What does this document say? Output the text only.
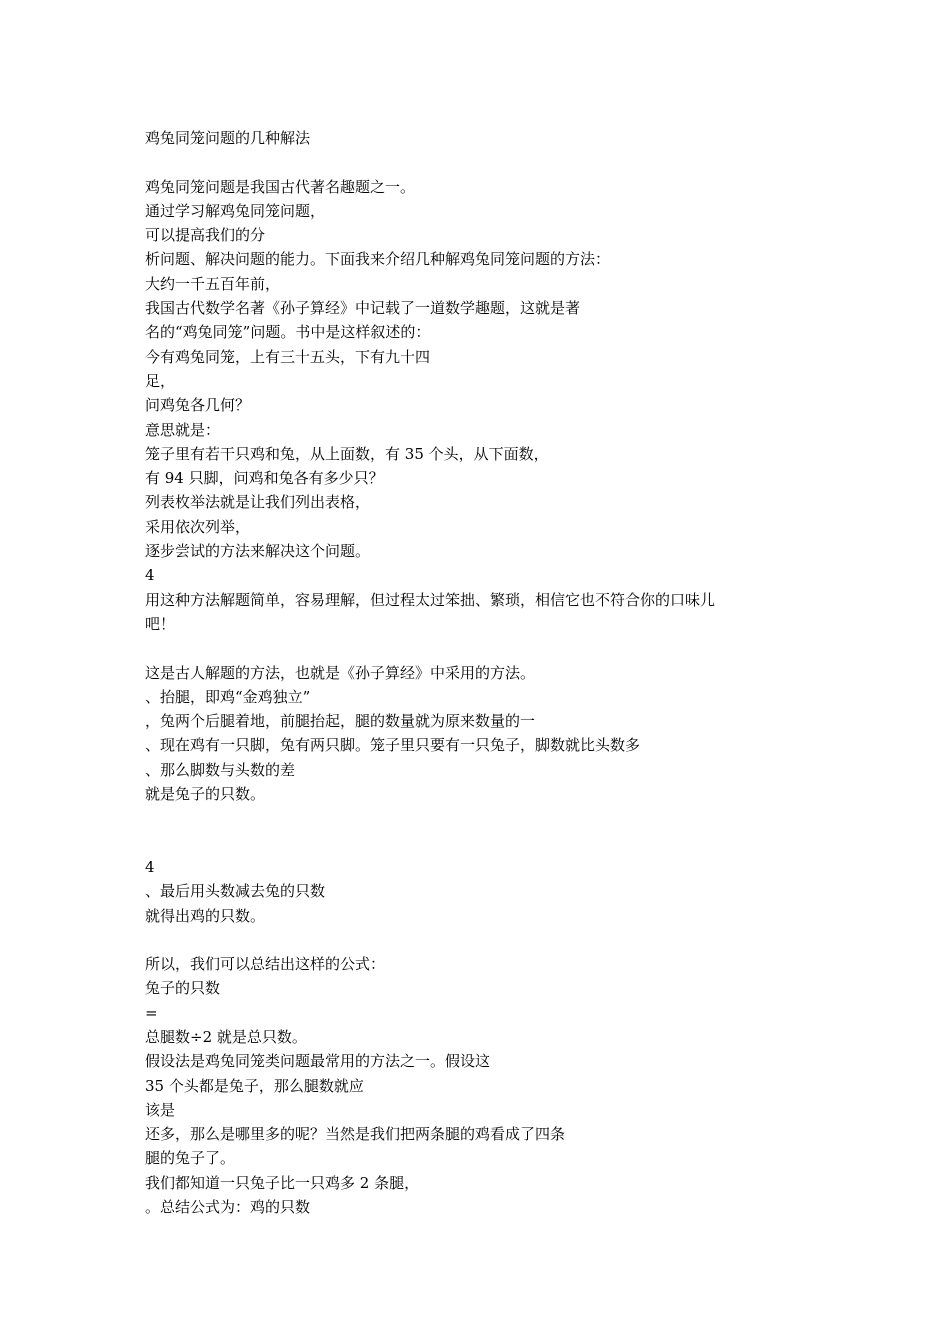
鸡兔同笼问题的几种解法
鸡兔同笼问题是我国古代著名趣题之一。
通过学习解鸡兔同笼问题，
可以提高我们的分
析问题、解决问题的能力。下面我来介绍几种解鸡兔同笼问题的方法：
大约一千五百年前，
我国古代数学名著《孙子算经》中记载了一道数学趣题，这就是著
名的“鸡兔同笼”问题。书中是这样叙述的：
今有鸡兔同笼，上有三十五头，下有九十四
足，
问鸡兔各几何？
意思就是：
笼子里有若干只鸡和兔，从上面数，有 35 个头，从下面数，
有 94 只脚，问鸡和兔各有多少只？
列表枚举法就是让我们列出表格，
采用依次列举，
逐步尝试的方法来解决这个问题。
4
用这种方法解题简单，容易理解，但过程太过笨拙、繁琐，相信它也不符合你的口味儿
吧！
这是古人解题的方法，也就是《孙子算经》中采用的方法。
、抬腿，即鸡“金鸡独立”
，兔两个后腿着地，前腿抬起，腿的数量就为原来数量的一
、现在鸡有一只脚，兔有两只脚。笼子里只要有一只兔子，脚数就比头数多
、那么脚数与头数的差
就是兔子的只数。
4
、最后用头数减去兔的只数
就得出鸡的只数。
所以，我们可以总结出这样的公式：
兔子的只数
=
总腿数÷2 就是总只数。
假设法是鸡兔同笼类问题最常用的方法之一。假设这
35 个头都是兔子，那么腿数就应
该是
还多，那么是哪里多的呢？当然是我们把两条腿的鸡看成了四条
腿的兔子了。
我们都知道一只兔子比一只鸡多 2 条腿，
。总结公式为：鸡的只数
